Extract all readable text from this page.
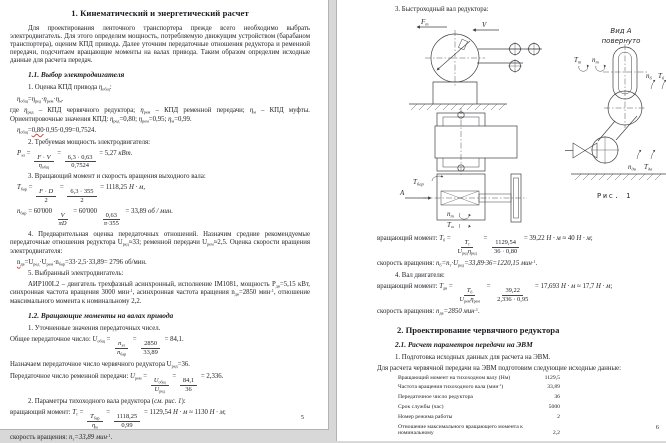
1. Кинематический и энергетический расчет
Для проектирования ленточного транспортера прежде всего необходимо выбрать электродвигатель. Для этого определим мощность, потребляемую движущим устройством (барабаном транспортера), оценим КПД привода. Далее уточним передаточные отношения редуктора и ременной передачи, подсчитаем вращающие моменты на валах привода. Таким образом определим исходные данные для расчета передач.
1.1. Выбор электродвигателя
1. Оценка КПД привода $\eta_{общ}$:
$\eta_{общ}=\eta_{ред}\cdot\eta_{рем}\cdot\eta_м$.
где $\eta_{ред}$ – КПД червячного редуктора; $\eta_{рем}$ – КПД ременной передачи; $\eta_м$ – КПД муфты. Ориентировочные значения КПД: $\eta_{ред}=0,80$; $\eta_{рем}=0,95$; $\eta_м=0,99$.
$\eta_{общ}=0,80\cdot 0,95\cdot 0,99=0,7524$.
2. Требуемая мощность электродвигателя:
$P_{эл}$ =
$\frac{F \cdot V}{\eta_{общ}}$
=
$\frac{6,3 \cdot 0,63}{0,7524}$
= 5,27 кВт.
3. Вращающий момент и скорость вращения выходного вала:
$T_{бар}$ =
$\frac{F \cdot D}{2}$
=
$\frac{6,3 \cdot 355}{2}$
= 1118,25 Н · м,
$n_{бар} = 60'000$
$\frac{V}{\pi D}$
= 60'000
$\frac{0,63}{\pi\cdot 355}$
= 33,89 об / мин.
4. Предварительная оценка передаточных отношений. Назначим средние рекомендуемые передаточные отношения редуктора $U_{ред}\approx 33$; ременной передачи $U_{рем}\approx 2,5$. Оценка скорости вращения электродвигателя:
$n_{дв}=U_{ред}\cdot U_{рем}\cdot n_{бар}=33\cdot 2,5\cdot 33,89= 2796$ об/мин.
5. Выбранный электродвигатель:
АИР100L2 – двигатель трехфазный асинхронный, исполнение IM1081, мощность $Р_{дв}=5,15$ кВт, синхронная частота вращения 3000 мин$^{-1}$, асинхронная частота вращения $n_{дв}=2850$ мин$^{-1}$, отношение максимального момента к номинальному 2,2.
1.2. Вращающие моменты на валах привода
1. Уточненные значения передаточных чисел.
Общее передаточное число: $U_{общ}$ =
$\frac{n_{эл}}{n_{бар}}$
=
$\frac{2850}{33,89}$
= 84,1.
Назначаем передаточное число червячного редуктора $U_{ред}=36$.
Передаточное число ременной передачи: $U_{рем}$ =
$\frac{U_{общ}}{U_{ред}}$
=
$\frac{84,1}{36}$
= 2,336.
2. Параметры тихоходного вала редуктора (см. рис. 1):
вращающий момент: $T_т$ =
$\frac{T_{бар}}{\eta_м}$
=
$\frac{1118,25}{0,99}$
= 1129,54 Н · м ≈ 1130 Н · м;
скорость вращения: $n_т=33,89$ мин$^{-1}$.
5
3. Быстроходный вал редуктора:
$F_т$	V
$T_{бар}$
А
$n_т$
$T_т$
Вид А
повернуто
$T_т$ $n_т$
$n_б$ $T_б$
$n_{дв}$ $T_{дв}$
Рис. 1
вращающий момент: $T_б$ =
$\frac{T_т}{U_{ред}\eta_{ред}}$
=
$\frac{1129,54}{36 \cdot 0,80}$
= 39,22 Н · м ≈ 40 Н · м;
скорость вращения: $n_б=n_т\cdot U_{ред}=33,89\cdot 36=1220,15$ мин$^{-1}$.
4. Вал двигателя:
вращающий момент: $T_{дв}$ =
$\frac{T_б}{U_{рем}\eta_{рем}}$
=
$\frac{39,22}{2,336 \cdot 0,95}$
= 17,693 Н · м ≈ 17,7 Н · м;
скорость вращения: $n_{дв}=2850$ мин$^{-1}$.
2. Проектирование червячного редуктора
2.1. Расчет параметров передачи на ЭВМ
1. Подготовка исходных данных для расчета на ЭВМ.
Для расчета червячной передачи на ЭВМ подготовим следующие исходные данные:
Вращающий момент на тихоходном валу (Нм)	1129,5
Частота вращения тихоходного вала (мин$^{-1}$)	33,89
Передаточное число редуктора	36
Срок службы (час)	5000
Номер режима работы	2
Отношение максимального вращающего момента к номинальному	2,2
6
